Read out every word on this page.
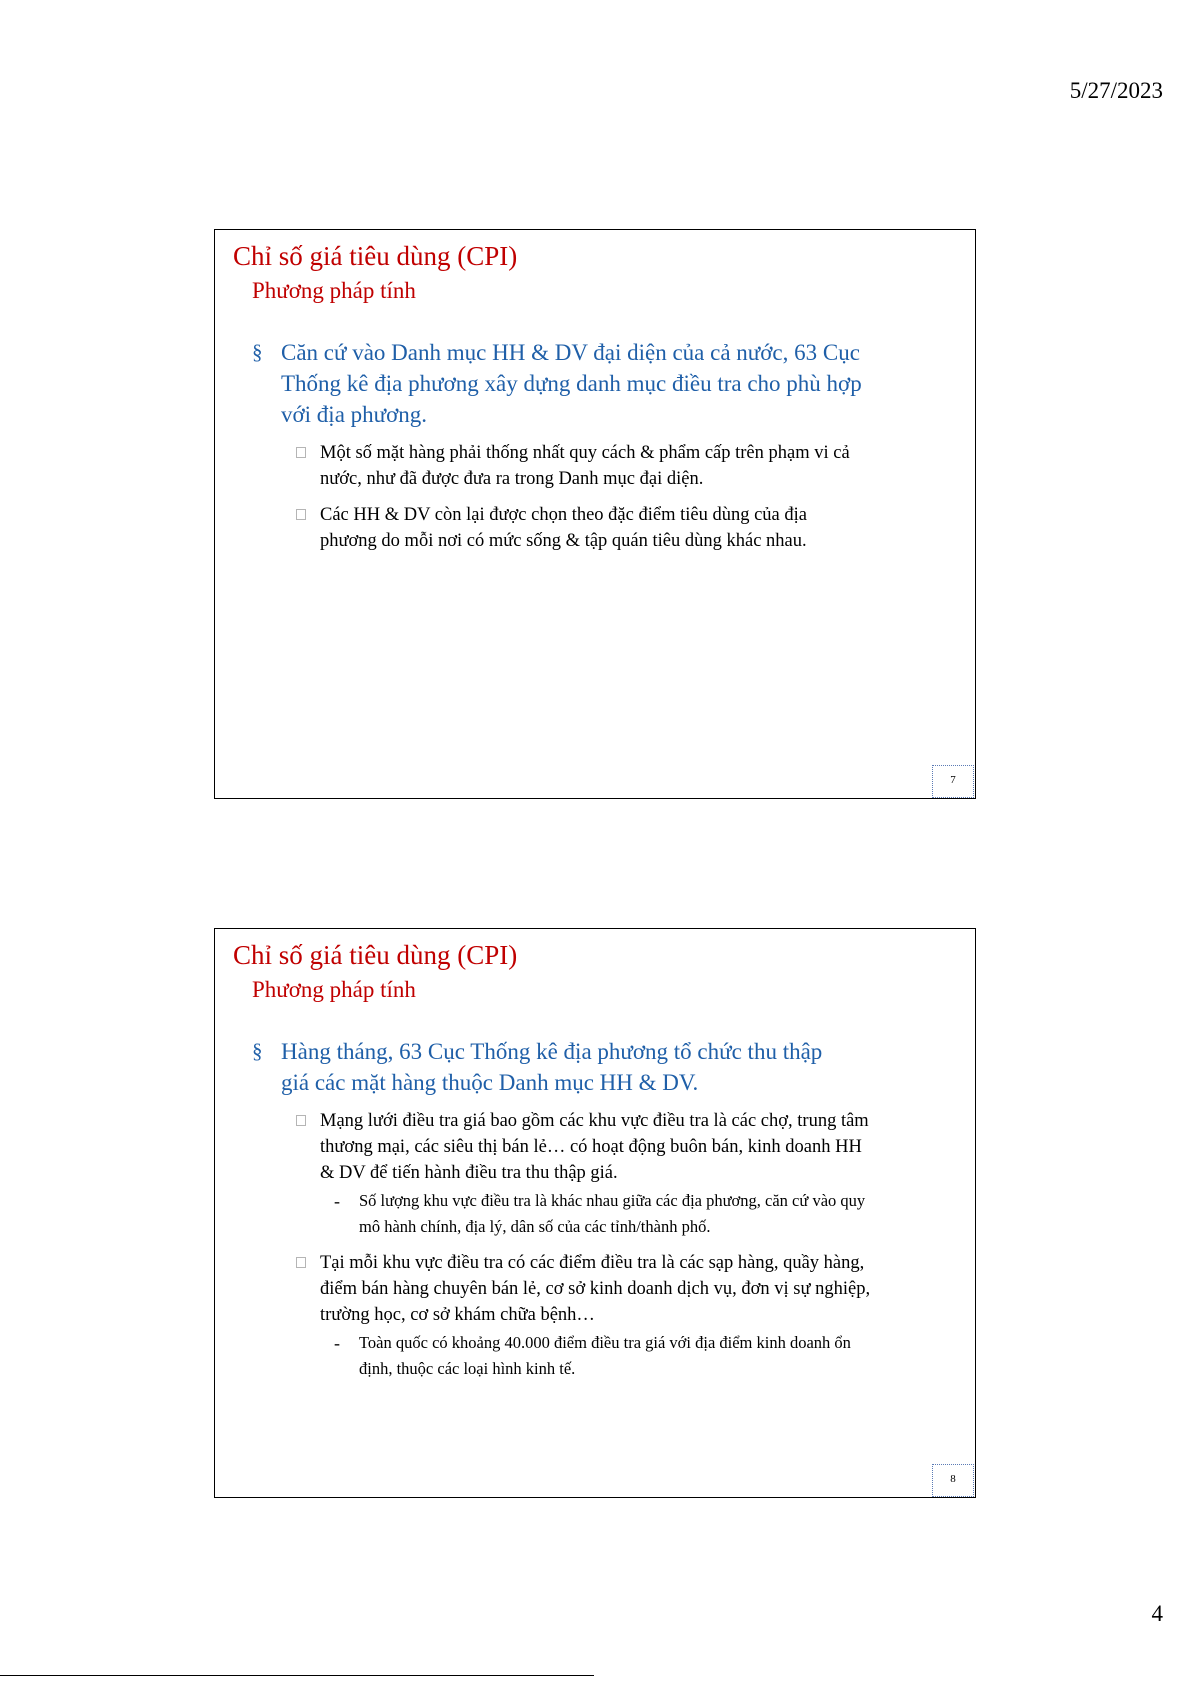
5/27/2023
Chỉ số giá tiêu dùng (CPI)
Phương pháp tính
§ Căn cứ vào Danh mục HH & DV đại diện của cả nước, 63 Cục Thống kê địa phương xây dựng danh mục điều tra cho phù hợp với địa phương.
Một số mặt hàng phải thống nhất quy cách & phẩm cấp trên phạm vi cả nước, như đã được đưa ra trong Danh mục đại diện.
Các HH & DV còn lại được chọn theo đặc điểm tiêu dùng của địa phương do mỗi nơi có mức sống & tập quán tiêu dùng khác nhau.
7
Chỉ số giá tiêu dùng (CPI)
Phương pháp tính
§ Hàng tháng, 63 Cục Thống kê địa phương tổ chức thu thập giá các mặt hàng thuộc Danh mục HH & DV.
Mạng lưới điều tra giá bao gồm các khu vực điều tra là các chợ, trung tâm thương mại, các siêu thị bán lẻ… có hoạt động buôn bán, kinh doanh HH & DV để tiến hành điều tra thu thập giá.
- Số lượng khu vực điều tra là khác nhau giữa các địa phương, căn cứ vào quy mô hành chính, địa lý, dân số của các tỉnh/thành phố.
Tại mỗi khu vực điều tra có các điểm điều tra là các sạp hàng, quầy hàng, điểm bán hàng chuyên bán lẻ, cơ sở kinh doanh dịch vụ, đơn vị sự nghiệp, trường học, cơ sở khám chữa bệnh…
- Toàn quốc có khoảng 40.000 điểm điều tra giá với địa điểm kinh doanh ổn định, thuộc các loại hình kinh tế.
8
4
